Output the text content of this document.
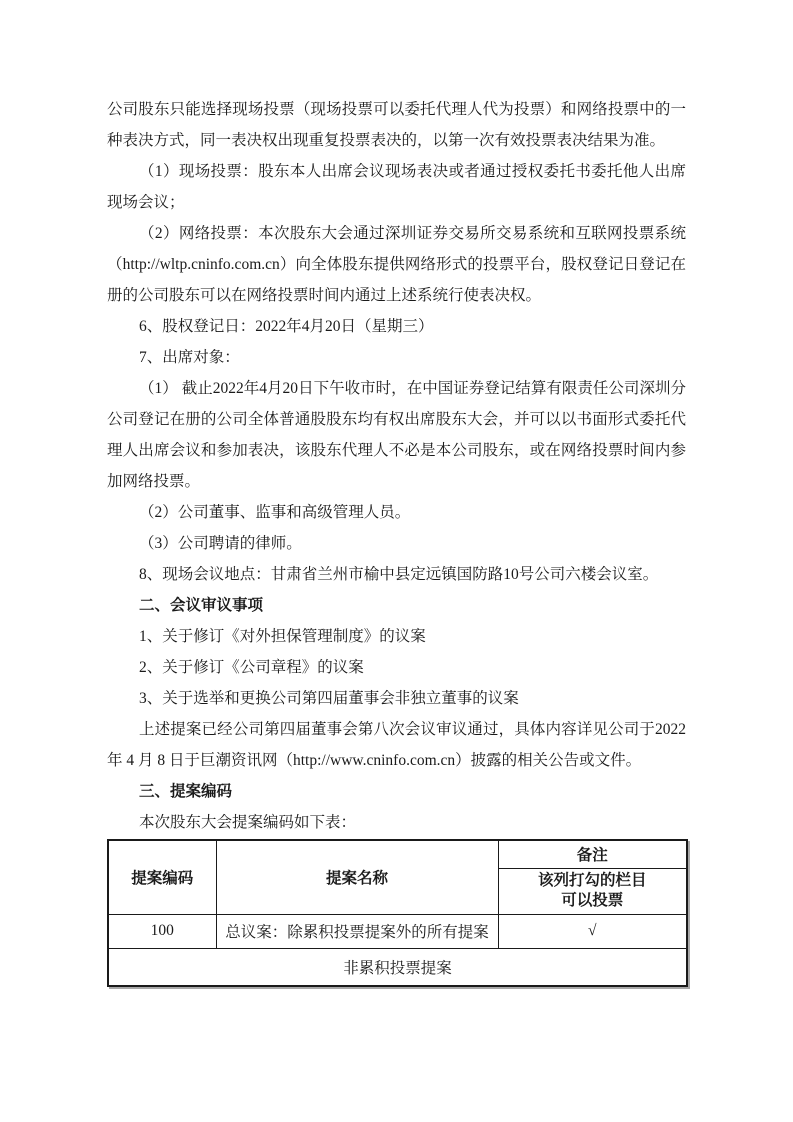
公司股东只能选择现场投票（现场投票可以委托代理人代为投票）和网络投票中的一种表决方式，同一表决权出现重复投票表决的，以第一次有效投票表决结果为准。

（1）现场投票：股东本人出席会议现场表决或者通过授权委托书委托他人出席现场会议；

（2）网络投票：本次股东大会通过深圳证券交易所交易系统和互联网投票系统（http://wltp.cninfo.com.cn）向全体股东提供网络形式的投票平台，股权登记日登记在册的公司股东可以在网络投票时间内通过上述系统行使表决权。

6、股权登记日：2022年4月20日（星期三）

7、出席对象：

（1） 截止2022年4月20日下午收市时，在中国证券登记结算有限责任公司深圳分公司登记在册的公司全体普通股股东均有权出席股东大会，并可以以书面形式委托代理人出席会议和参加表决，该股东代理人不必是本公司股东，或在网络投票时间内参加网络投票。

（2）公司董事、监事和高级管理人员。

（3）公司聘请的律师。

8、现场会议地点：甘肃省兰州市榆中县定远镇国防路10号公司六楼会议室。

二、会议审议事项

1、关于修订《对外担保管理制度》的议案

2、关于修订《公司章程》的议案

3、关于选举和更换公司第四届董事会非独立董事的议案

上述提案已经公司第四届董事会第八次会议审议通过，具体内容详见公司于2022 年 4 月 8 日于巨潮资讯网（http://www.cninfo.com.cn）披露的相关公告或文件。

三、提案编码

本次股东大会提案编码如下表：

提案编码	提案名称	备注
		该列打勾的栏目可以投票
100	总议案：除累积投票提案外的所有提案	√
非累积投票提案		
